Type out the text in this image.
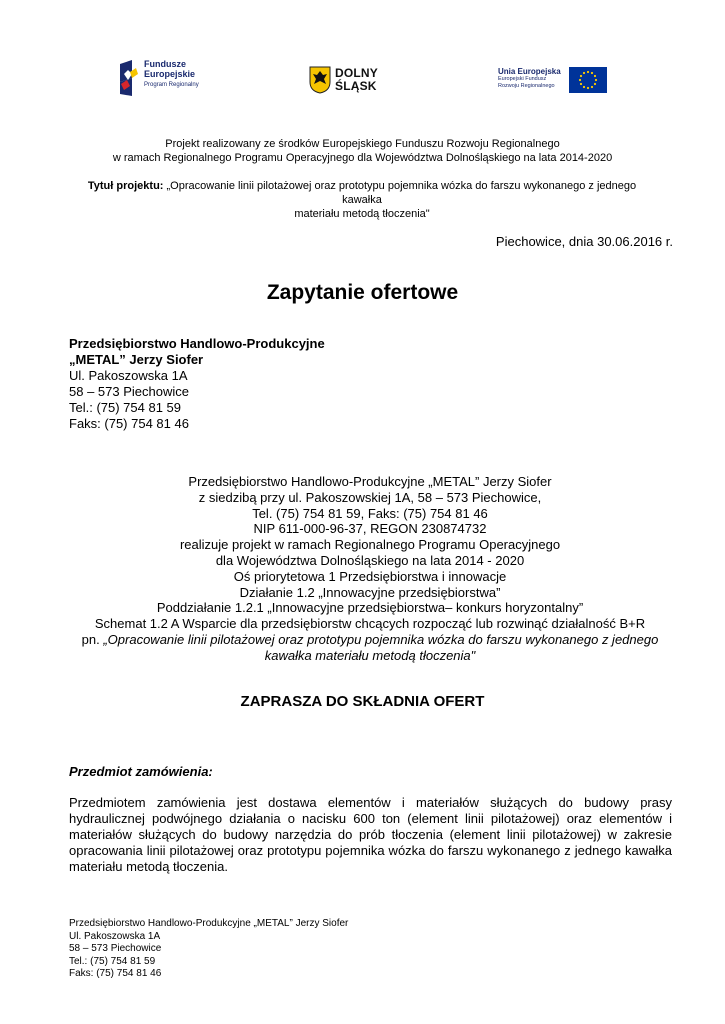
Fundusze
Europejskie
Program Regionalny
DOLNY
ŚLĄSK
Unia Europejska
Europejski Fundusz
Rozwoju Regionalnego
Projekt realizowany ze środków Europejskiego Funduszu Rozwoju Regionalnego
w ramach Regionalnego Programu Operacyjnego dla Województwa Dolnośląskiego na lata 2014-2020
Tytuł projektu: „Opracowanie linii pilotażowej oraz prototypu pojemnika wózka do farszu wykonanego z jednego kawałka
materiału metodą tłoczenia"
Piechowice, dnia 30.06.2016 r.
Zapytanie ofertowe
Przedsiębiorstwo Handlowo-Produkcyjne
„METAL” Jerzy Siofer
Ul. Pakoszowska 1A
58 – 573 Piechowice
Tel.: (75) 754 81 59
Faks: (75) 754 81 46
Przedsiębiorstwo Handlowo-Produkcyjne „METAL” Jerzy Siofer
z siedzibą przy ul. Pakoszowskiej 1A, 58 – 573 Piechowice,
Tel. (75) 754 81 59, Faks: (75) 754 81 46
NIP 611-000-96-37, REGON 230874732
realizuje projekt w ramach Regionalnego Programu Operacyjnego
dla Województwa Dolnośląskiego na lata 2014 - 2020
Oś priorytetowa 1 Przedsiębiorstwa i innowacje
Działanie 1.2 „Innowacyjne przedsiębiorstwa”
Poddziałanie 1.2.1 „Innowacyjne przedsiębiorstwa– konkurs horyzontalny”
Schemat 1.2 A Wsparcie dla przedsiębiorstw chcących rozpocząć lub rozwinąć działalność B+R
pn. „Opracowanie linii pilotażowej oraz prototypu pojemnika wózka do farszu wykonanego z jednego
kawałka materiału metodą tłoczenia"
ZAPRASZA DO SKŁADNIA OFERT
Przedmiot zamówienia:
Przedmiotem zamówienia jest dostawa elementów i materiałów służących do budowy prasy hydraulicznej podwójnego działania o nacisku 600 ton (element linii pilotażowej) oraz elementów i materiałów służących do budowy narzędzia do prób tłoczenia (element linii pilotażowej) w zakresie opracowania linii pilotażowej oraz prototypu pojemnika wózka do farszu wykonanego z jednego kawałka materiału metodą tłoczenia.
Przedsiębiorstwo Handlowo-Produkcyjne „METAL” Jerzy Siofer
Ul. Pakoszowska 1A
58 – 573 Piechowice
Tel.: (75) 754 81 59
Faks: (75) 754 81 46
